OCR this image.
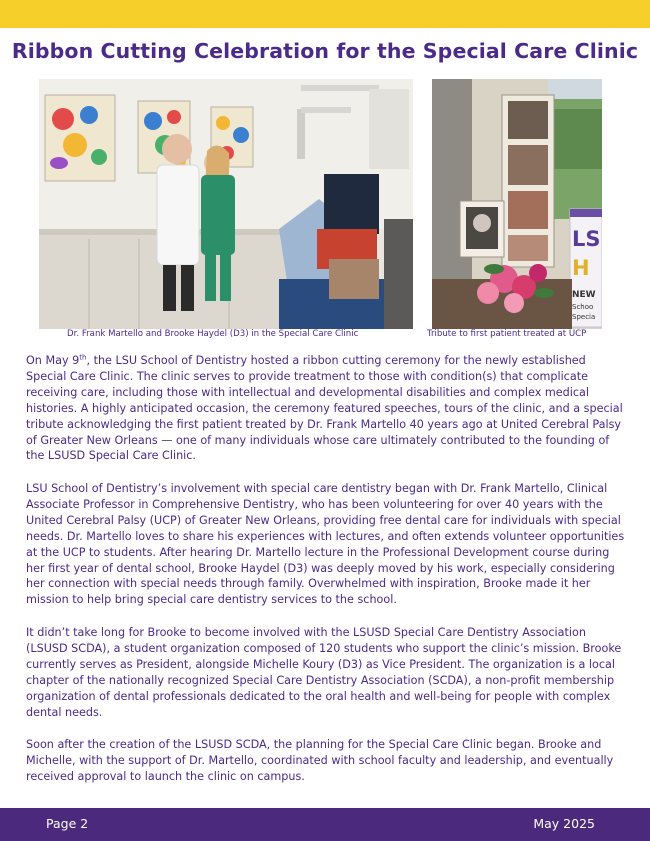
Ribbon Cutting Celebration for the Special Care Clinic
LS
H
NEW
Schoo
Specia
Dr. Frank Martello and Brooke Haydel (D3) in the Special Care Clinic	Tribute to first patient treated at UCP

On May 9th, the LSU School of Dentistry hosted a ribbon cutting ceremony for the newly established Special Care Clinic. The clinic serves to provide treatment to those with condition(s) that complicate receiving care, including those with intellectual and developmental disabilities and complex medical histories. A highly anticipated occasion, the ceremony featured speeches, tours of the clinic, and a special tribute acknowledging the first patient treated by Dr. Frank Martello 40 years ago at United Cerebral Palsy of Greater New Orleans — one of many individuals whose care ultimately contributed to the founding of the LSUSD Special Care Clinic.

LSU School of Dentistry’s involvement with special care dentistry began with Dr. Frank Martello, Clinical Associate Professor in Comprehensive Dentistry, who has been volunteering for over 40 years with the United Cerebral Palsy (UCP) of Greater New Orleans, providing free dental care for individuals with special needs. Dr. Martello loves to share his experiences with lectures, and often extends volunteer opportunities at the UCP to students. After hearing Dr. Martello lecture in the Professional Development course during her first year of dental school, Brooke Haydel (D3) was deeply moved by his work, especially considering her connection with special needs through family. Overwhelmed with inspiration, Brooke made it her mission to help bring special care dentistry services to the school.

It didn’t take long for Brooke to become involved with the LSUSD Special Care Dentistry Association (LSUSD SCDA), a student organization composed of 120 students who support the clinic’s mission. Brooke currently serves as President, alongside Michelle Koury (D3) as Vice President. The organization is a local chapter of the nationally recognized Special Care Dentistry Association (SCDA), a non-profit membership organization of dental professionals dedicated to the oral health and well-being for people with complex dental needs.

Soon after the creation of the LSUSD SCDA, the planning for the Special Care Clinic began. Brooke and Michelle, with the support of Dr. Martello, coordinated with school faculty and leadership, and eventually received approval to launch the clinic on campus.

Page 2	May 2025
